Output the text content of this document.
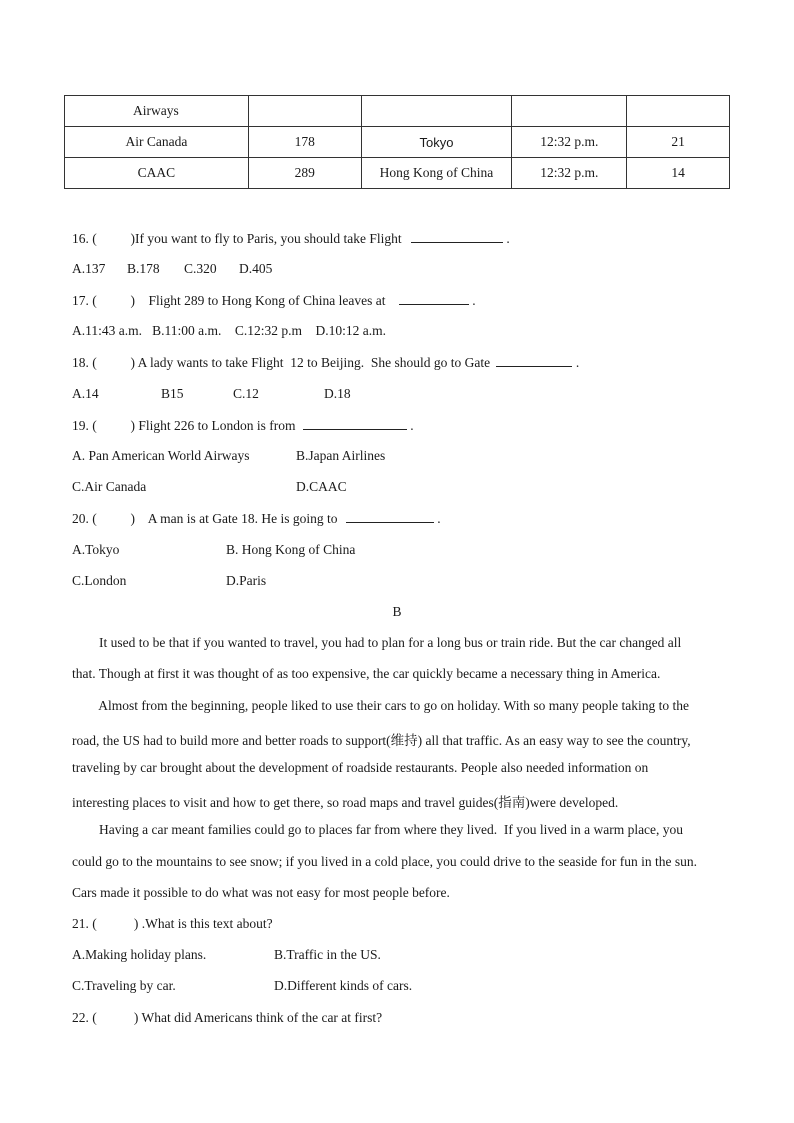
Airways				
Air Canada	178	Tokyo	12:32 p.m.	21
CAAC	289	Hong Kong of China	12:32 p.m.	14
16. (          )If you want to fly to Paris, you should take Flight	.
A.137 B.178 C.320 D.405
17. (          )    Flight 289 to Hong Kong of China leaves at	.
A.11:43 a.m.   B.11:00 a.m.    C.12:32 p.m    D.10:12 a.m.
18. (          ) A lady wants to take Flight  12 to Beijing.  She should go to Gate	.
A.14	B15	C.12	D.18
19. (          ) Flight 226 to London is from	.
A. Pan American World Airways	B.Japan Airlines
C.Air Canada	D.CAAC
20. (          )    A man is at Gate 18. He is going to	.
A.Tokyo	B. Hong Kong of China
C.London	D.Paris
B
It used to be that if you wanted to travel, you had to plan for a long bus or train ride. But the car changed all
that. Though at first it was thought of as too expensive, the car quickly became a necessary thing in America.
Almost from the beginning, people liked to use their cars to go on holiday. With so many people taking to the
road, the US had to build more and better roads to support(维持) all that traffic. As an easy way to see the country,
traveling by car brought about the development of roadside restaurants. People also needed information on
interesting places to visit and how to get there, so road maps and travel guides(指南)were developed.
Having a car meant families could go to places far from where they lived.  If you lived in a warm place, you
could go to the mountains to see snow; if you lived in a cold place, you could drive to the seaside for fun in the sun.
Cars made it possible to do what was not easy for most people before.
21. (           ) .What is this text about?
A.Making holiday plans.	B.Traffic in the US.
C.Traveling by car.	D.Different kinds of cars.
22. (           ) What did Americans think of the car at first?
